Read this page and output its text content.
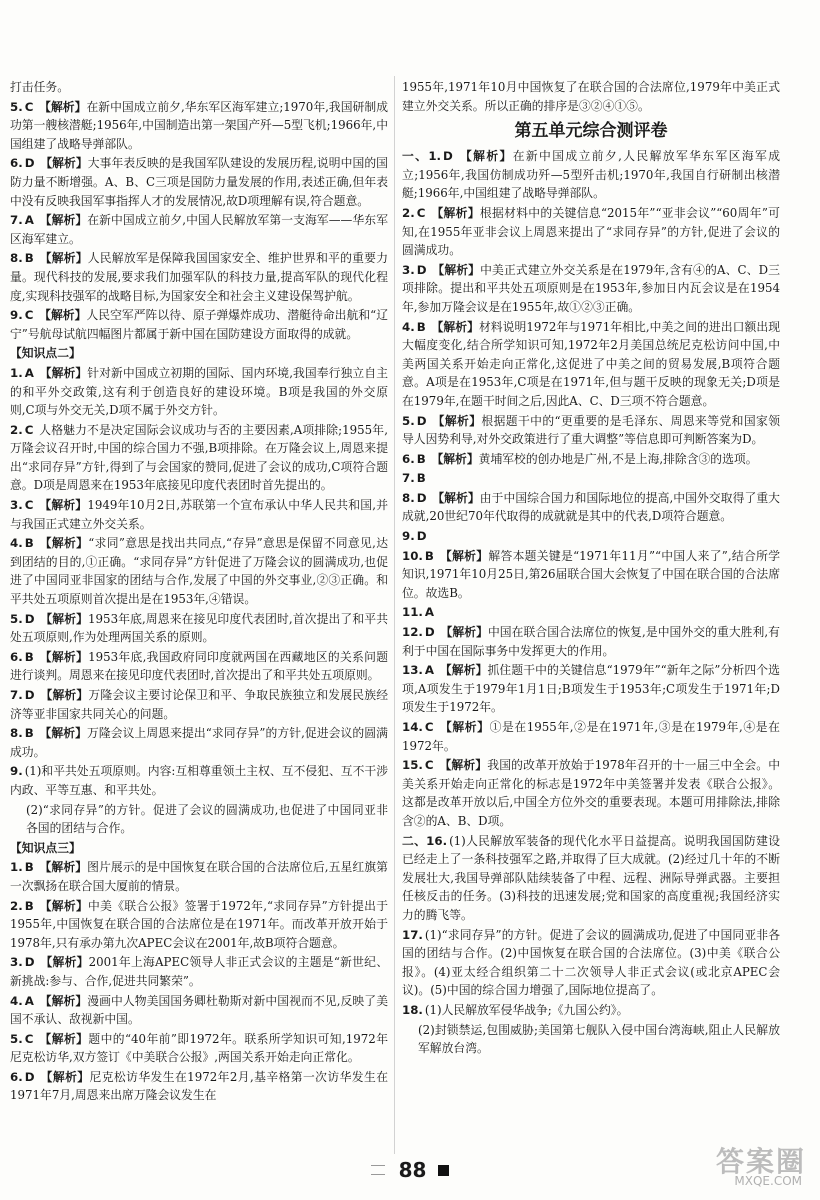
打击任务。
5. C 【解析】在新中国成立前夕,华东军区海军建立;1970年,我国研制成功第一艘核潜艇;1956年,中国制造出第一架国产歼—5型飞机;1966年,中国组建了战略导弹部队。
6. D 【解析】大事年表反映的是我国军队建设的发展历程,说明中国的国防力量不断增强。A、B、C三项是国防力量发展的作用,表述正确,但年表中没有反映我国军事指挥人才的发展情况,故D项理解有误,符合题意。
7. A 【解析】在新中国成立前夕,中国人民解放军第一支海军——华东军区海军建立。
8. B 【解析】人民解放军是保障我国国家安全、维护世界和平的重要力量。现代科技的发展,要求我们加强军队的科技力量,提高军队的现代化程度,实现科技强军的战略目标,为国家安全和社会主义建设保驾护航。
9. C 【解析】人民空军严阵以待、原子弹爆炸成功、潜艇待命出航和“辽宁”号航母试航四幅图片都属于新中国在国防建设方面取得的成就。
【知识点二】
1. A 【解析】针对新中国成立初期的国际、国内环境,我国奉行独立自主的和平外交政策,这有利于创造良好的建设环境。B项是我国的外交原则,C项与外交无关,D项不属于外交方针。
2. C 人格魅力不是决定国际会议成功与否的主要因素,A项排除;1955年,万隆会议召开时,中国的综合国力不强,B项排除。在万隆会议上,周恩来提出“求同存异”方针,得到了与会国家的赞同,促进了会议的成功,C项符合题意。D项是周恩来在1953年底接见印度代表团时首先提出的。
3. C 【解析】1949年10月2日,苏联第一个宣布承认中华人民共和国,并与我国正式建立外交关系。
4. B 【解析】“求同”意思是找出共同点,“存异”意思是保留不同意见,达到团结的目的,①正确。“求同存异”方针促进了万隆会议的圆满成功,也促进了中国同亚非国家的团结与合作,发展了中国的外交事业,②③正确。和平共处五项原则首次提出是在1953年,④错误。
5. D 【解析】1953年底,周恩来在接见印度代表团时,首次提出了和平共处五项原则,作为处理两国关系的原则。
6. B 【解析】1953年底,我国政府同印度就两国在西藏地区的关系问题进行谈判。周恩来在接见印度代表团时,首次提出了和平共处五项原则。
7. D 【解析】万隆会议主要讨论保卫和平、争取民族独立和发展民族经济等亚非国家共同关心的问题。
8. B 【解析】万隆会议上周恩来提出“求同存异”的方针,促进会议的圆满成功。
9. (1)和平共处五项原则。内容:互相尊重领土主权、互不侵犯、互不干涉内政、平等互惠、和平共处。
(2)“求同存异”的方针。促进了会议的圆满成功,也促进了中国同亚非各国的团结与合作。
【知识点三】
1. B 【解析】图片展示的是中国恢复在联合国的合法席位后,五星红旗第一次飘扬在联合国大厦前的情景。
2. B 【解析】中美《联合公报》签署于1972年,“求同存异”方针提出于1955年,中国恢复在联合国的合法席位是在1971年。而改革开放开始于1978年,只有承办第九次APEC会议在2001年,故B项符合题意。
3. D 【解析】2001年上海APEC领导人非正式会议的主题是“新世纪、新挑战:参与、合作,促进共同繁荣”。
4. A 【解析】漫画中人物美国国务卿杜勒斯对新中国视而不见,反映了美国不承认、敌视新中国。
5. C 【解析】题中的“40年前”即1972年。联系所学知识可知,1972年尼克松访华,双方签订《中美联合公报》,两国关系开始走向正常化。
6. D 【解析】尼克松访华发生在1972年2月,基辛格第一次访华发生在1971年7月,周恩来出席万隆会议发生在
1955年,1971年10月中国恢复了在联合国的合法席位,1979年中美正式建立外交关系。所以正确的排序是③②④①⑤。
第五单元综合测评卷
一、1. D 【解析】在新中国成立前夕,人民解放军华东军区海军成立;1956年,我国仿制成功歼—5型歼击机;1970年,我国自行研制出核潜艇;1966年,中国组建了战略导弹部队。
2. C 【解析】根据材料中的关键信息“2015年”“亚非会议”“60周年”可知,在1955年亚非会议上周恩来提出了“求同存异”的方针,促进了会议的圆满成功。
3. D 【解析】中美正式建立外交关系是在1979年,含有④的A、C、D三项排除。提出和平共处五项原则是在1953年,参加日内瓦会议是在1954年,参加万隆会议是在1955年,故①②③正确。
4. B 【解析】材料说明1972年与1971年相比,中美之间的进出口额出现大幅度变化,结合所学知识可知,1972年2月美国总统尼克松访问中国,中美两国关系开始走向正常化,这促进了中美之间的贸易发展,B项符合题意。A项是在1953年,C项是在1971年,但与题干反映的现象无关;D项是在1979年,在题干时间之后,因此A、C、D三项不符合题意。
5. D 【解析】根据题干中的“更重要的是毛泽东、周恩来等党和国家领导人因势利导,对外交政策进行了重大调整”等信息即可判断答案为D。
6. B 【解析】黄埔军校的创办地是广州,不是上海,排除含③的选项。
7. B
8. D 【解析】由于中国综合国力和国际地位的提高,中国外交取得了重大成就,20世纪70年代取得的成就就是其中的代表,D项符合题意。
9. D
10. B 【解析】解答本题关键是“1971年11月”“中国人来了”,结合所学知识,1971年10月25日,第26届联合国大会恢复了中国在联合国的合法席位。故选B。
11. A
12. D 【解析】中国在联合国合法席位的恢复,是中国外交的重大胜利,有利于中国在国际事务中发挥更大的作用。
13. A 【解析】抓住题干中的关键信息“1979年”“新年之际”分析四个选项,A项发生于1979年1月1日;B项发生于1953年;C项发生于1971年;D项发生于1972年。
14. C 【解析】①是在1955年,②是在1971年,③是在1979年,④是在1972年。
15. C 【解析】我国的改革开放始于1978年召开的十一届三中全会。中美关系开始走向正常化的标志是1972年中美签署并发表《联合公报》。这都是改革开放以后,中国全方位外交的重要表现。本题可用排除法,排除含②的A、B、D项。
二、16. (1)人民解放军装备的现代化水平日益提高。说明我国国防建设已经走上了一条科技强军之路,并取得了巨大成就。(2)经过几十年的不断发展壮大,我国导弹部队陆续装备了中程、远程、洲际导弹武器。主要担任核反击的任务。(3)科技的迅速发展;党和国家的高度重视;我国经济实力的腾飞等。
17. (1)“求同存异”的方针。促进了会议的圆满成功,促进了中国同亚非各国的团结与合作。(2)中国恢复在联合国的合法席位。(3)中美《联合公报》。(4)亚太经合组织第二十二次领导人非正式会议(或北京APEC会议)。(5)中国的综合国力增强了,国际地位提高了。
18. (1)人民解放军侵华战争;《九国公约》。
(2)封锁禁运,包围威胁;美国第七舰队入侵中国台湾海峡,阻止人民解放军解放台湾。
88	答案圈
MXQE.COM
